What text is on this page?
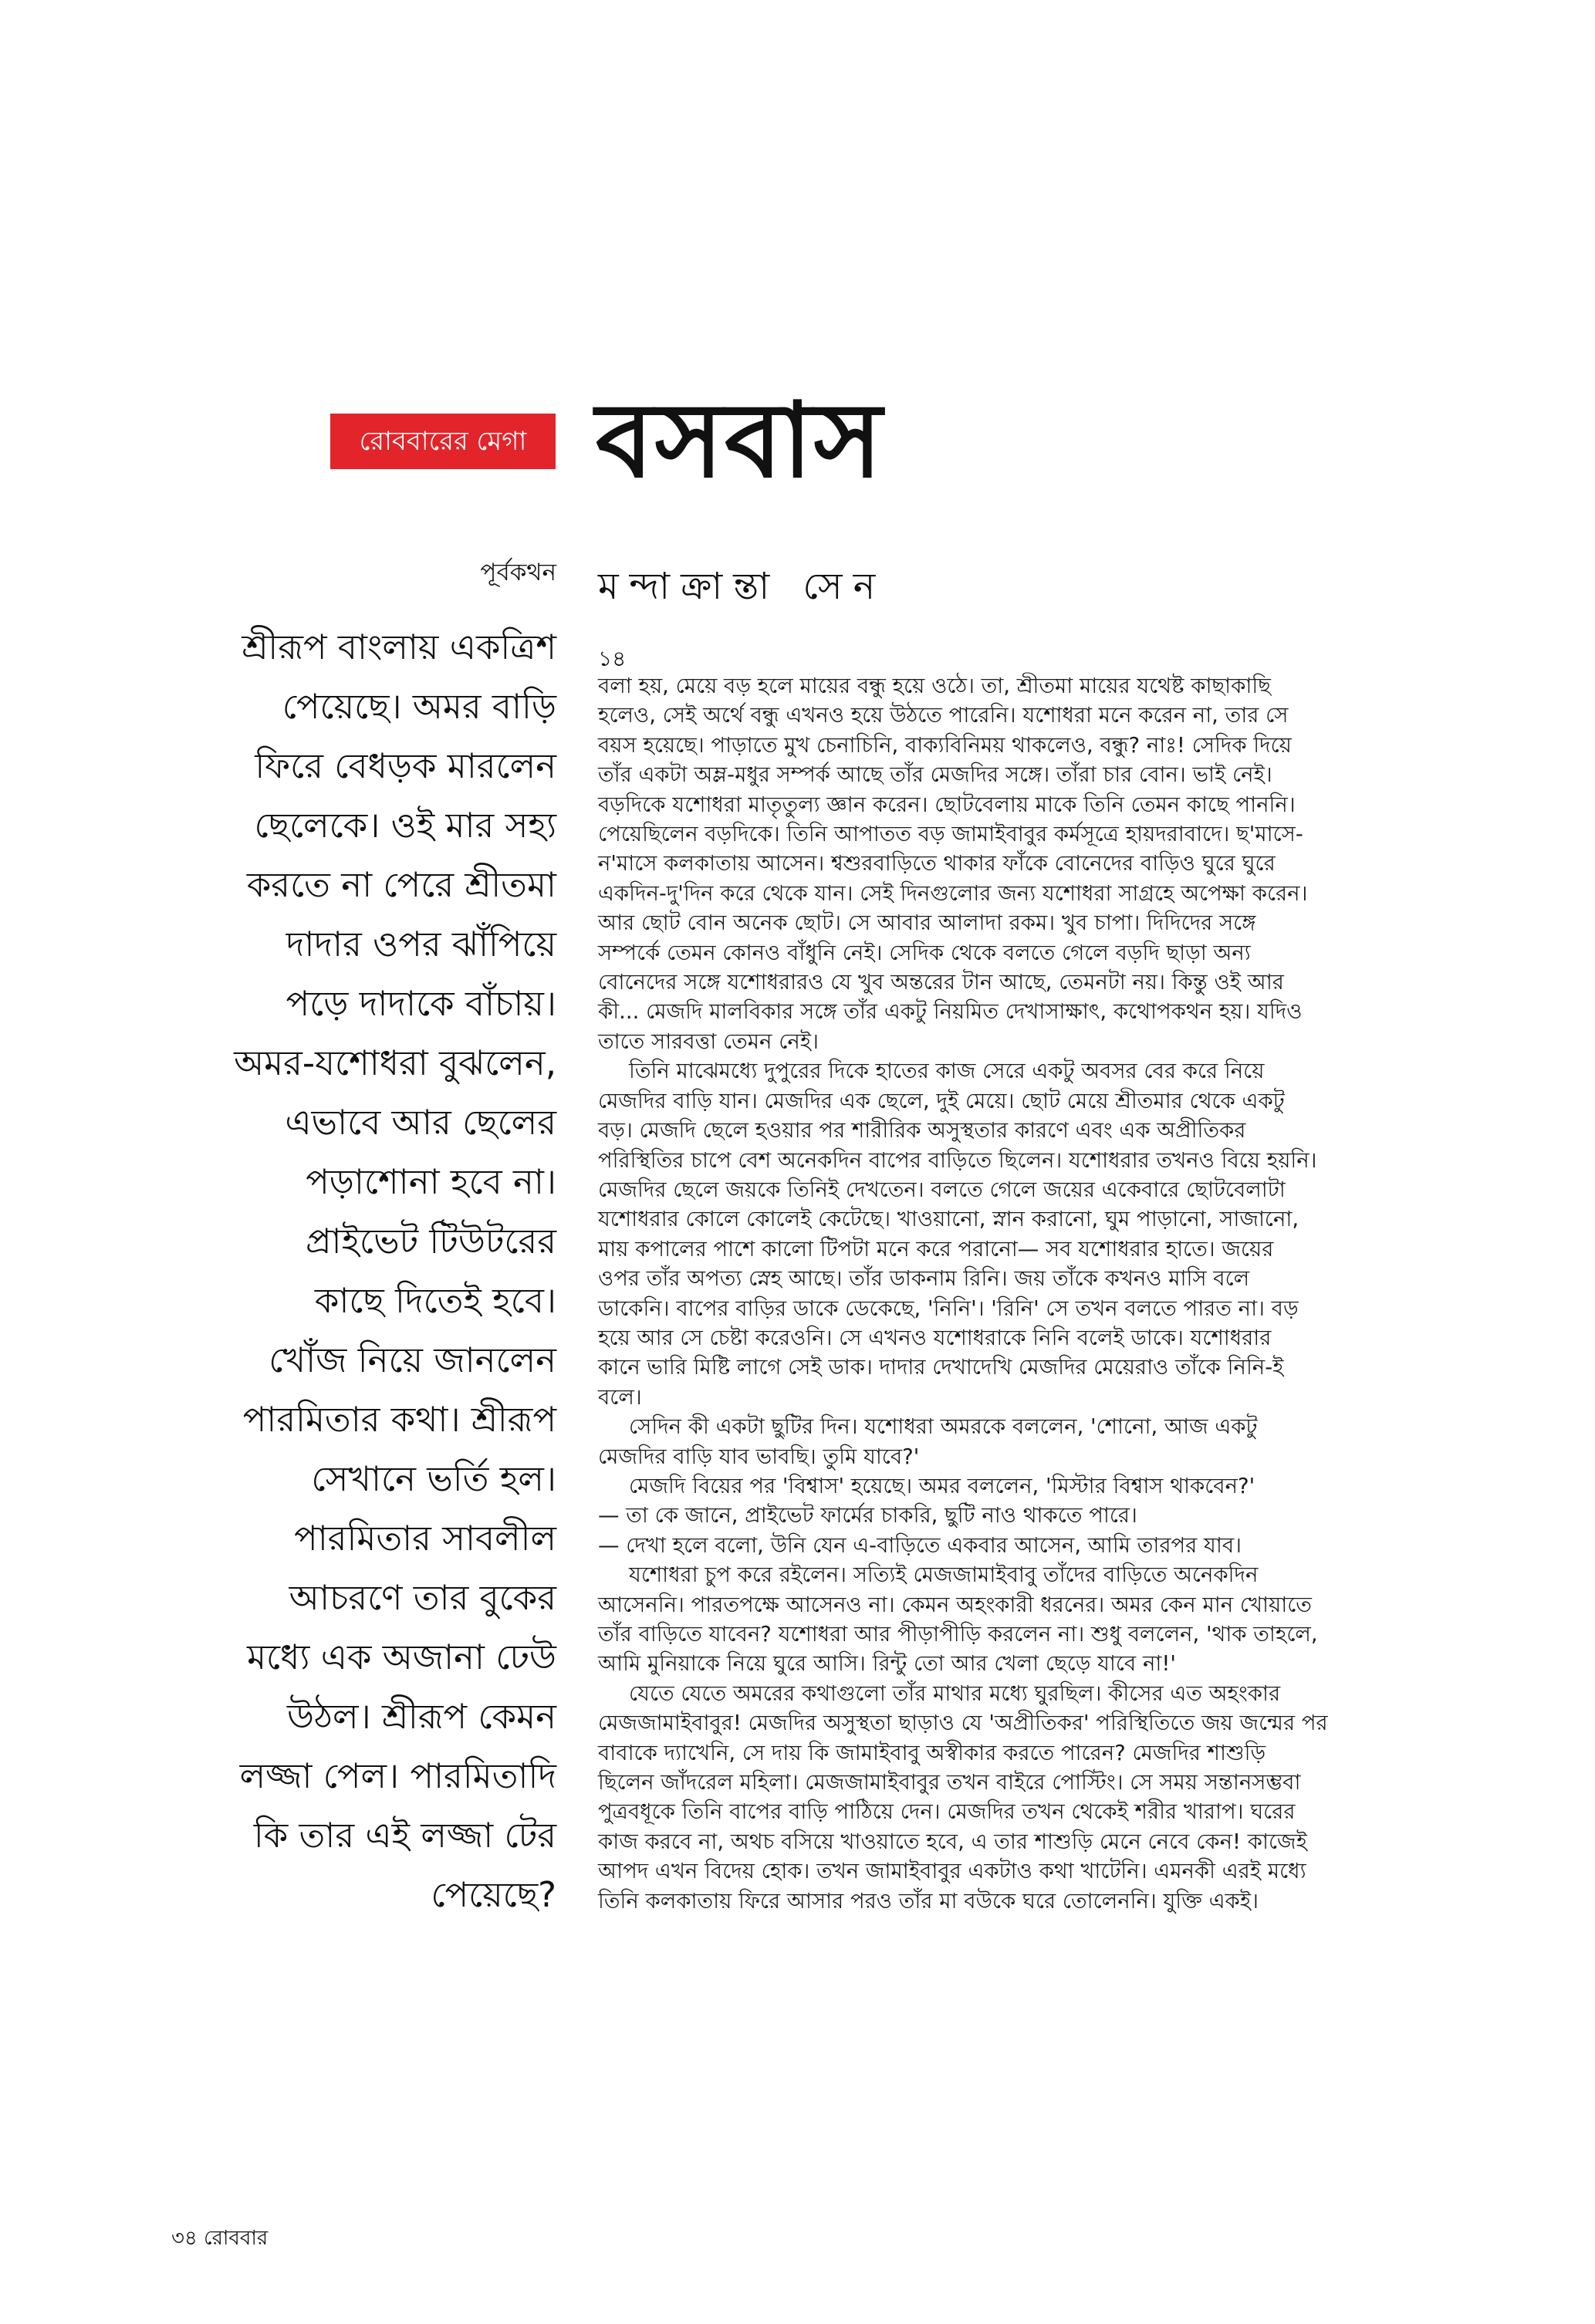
রোববারের মেগা বসবাস
পূর্বকথন মন্দাক্রান্তা সেন
শ্রীরূপ বাংলায় একত্রিশ
পেয়েছে। অমর বাড়ি
ফিরে বেধড়ক মারলেন
ছেলেকে। ওই মার সহ্য
করতে না পেরে শ্রীতমা
দাদার ওপর ঝাঁপিয়ে
পড়ে দাদাকে বাঁচায়।
অমর-যশোধরা বুঝলেন,
এভাবে আর ছেলের
পড়াশোনা হবে না।
প্রাইভেট টিউটরের
কাছে দিতেই হবে।
খোঁজ নিয়ে জানলেন
পারমিতার কথা। শ্রীরূপ
সেখানে ভর্তি হল।
পারমিতার সাবলীল
আচরণে তার বুকের
মধ্যে এক অজানা ঢেউ
উঠল। শ্রীরূপ কেমন
লজ্জা পেল। পারমিতাদি
কি তার এই লজ্জা টের
পেয়েছে?
১৪
বলা হয়, মেয়ে বড় হলে মায়ের বন্ধু হয়ে ওঠে। তা, শ্রীতমা মায়ের যথেষ্ট কাছাকাছি
হলেও, সেই অর্থে বন্ধু এখনও হয়ে উঠতে পারেনি। যশোধরা মনে করেন না, তার সে
বয়স হয়েছে। পাড়াতে মুখ চেনাচিনি, বাক্যবিনিময় থাকলেও, বন্ধু? নাঃ! সেদিক দিয়ে
তাঁর একটা অম্ল-মধুর সম্পর্ক আছে তাঁর মেজদির সঙ্গে। তাঁরা চার বোন। ভাই নেই।
বড়দিকে যশোধরা মাতৃতুল্য জ্ঞান করেন। ছোটবেলায় মাকে তিনি তেমন কাছে পাননি।
পেয়েছিলেন বড়দিকে। তিনি আপাতত বড় জামাইবাবুর কর্মসূত্রে হায়দরাবাদে। ছ'মাসে-
ন'মাসে কলকাতায় আসেন। শ্বশুরবাড়িতে থাকার ফাঁকে বোনেদের বাড়িও ঘুরে ঘুরে
একদিন-দু'দিন করে থেকে যান। সেই দিনগুলোর জন্য যশোধরা সাগ্রহে অপেক্ষা করেন।
আর ছোট বোন অনেক ছোট। সে আবার আলাদা রকম। খুব চাপা। দিদিদের সঙ্গে
সম্পর্কে তেমন কোনও বাঁধুনি নেই। সেদিক থেকে বলতে গেলে বড়দি ছাড়া অন্য
বোনেদের সঙ্গে যশোধরারও যে খুব অন্তরের টান আছে, তেমনটা নয়। কিন্তু ওই আর
কী... মেজদি মালবিকার সঙ্গে তাঁর একটু নিয়মিত দেখাসাক্ষাৎ, কথোপকথন হয়। যদিও
তাতে সারবত্তা তেমন নেই।
তিনি মাঝেমধ্যে দুপুরের দিকে হাতের কাজ সেরে একটু অবসর বের করে নিয়ে
মেজদির বাড়ি যান। মেজদির এক ছেলে, দুই মেয়ে। ছোট মেয়ে শ্রীতমার থেকে একটু
বড়। মেজদি ছেলে হওয়ার পর শারীরিক অসুস্থতার কারণে এবং এক অপ্রীতিকর
পরিস্থিতির চাপে বেশ অনেকদিন বাপের বাড়িতে ছিলেন। যশোধরার তখনও বিয়ে হয়নি।
মেজদির ছেলে জয়কে তিনিই দেখতেন। বলতে গেলে জয়ের একেবারে ছোটবেলাটা
যশোধরার কোলে কোলেই কেটেছে। খাওয়ানো, স্নান করানো, ঘুম পাড়ানো, সাজানো,
মায় কপালের পাশে কালো টিপটা মনে করে পরানো— সব যশোধরার হাতে। জয়ের
ওপর তাঁর অপত্য স্নেহ আছে। তাঁর ডাকনাম রিনি। জয় তাঁকে কখনও মাসি বলে
ডাকেনি। বাপের বাড়ির ডাকে ডেকেছে, 'নিনি'। 'রিনি' সে তখন বলতে পারত না। বড়
হয়ে আর সে চেষ্টা করেওনি। সে এখনও যশোধরাকে নিনি বলেই ডাকে। যশোধরার
কানে ভারি মিষ্টি লাগে সেই ডাক। দাদার দেখাদেখি মেজদির মেয়েরাও তাঁকে নিনি-ই
বলে।
সেদিন কী একটা ছুটির দিন। যশোধরা অমরকে বললেন, 'শোনো, আজ একটু
মেজদির বাড়ি যাব ভাবছি। তুমি যাবে?'
মেজদি বিয়ের পর 'বিশ্বাস' হয়েছে। অমর বললেন, 'মিস্টার বিশ্বাস থাকবেন?'
— তা কে জানে, প্রাইভেট ফার্মের চাকরি, ছুটি নাও থাকতে পারে।
— দেখা হলে বলো, উনি যেন এ-বাড়িতে একবার আসেন, আমি তারপর যাব।
যশোধরা চুপ করে রইলেন। সত্যিই মেজজামাইবাবু তাঁদের বাড়িতে অনেকদিন
আসেননি। পারতপক্ষে আসেনও না। কেমন অহংকারী ধরনের। অমর কেন মান খোয়াতে
তাঁর বাড়িতে যাবেন? যশোধরা আর পীড়াপীড়ি করলেন না। শুধু বললেন, 'থাক তাহলে,
আমি মুনিয়াকে নিয়ে ঘুরে আসি। রিন্টু তো আর খেলা ছেড়ে যাবে না!'
যেতে যেতে অমরের কথাগুলো তাঁর মাথার মধ্যে ঘুরছিল। কীসের এত অহংকার
মেজজামাইবাবুর! মেজদির অসুস্থতা ছাড়াও যে 'অপ্রীতিকর' পরিস্থিতিতে জয় জন্মের পর
বাবাকে দ্যাখেনি, সে দায় কি জামাইবাবু অস্বীকার করতে পারেন? মেজদির শাশুড়ি
ছিলেন জাঁদরেল মহিলা। মেজজামাইবাবুর তখন বাইরে পোস্টিং। সে সময় সন্তানসম্ভবা
পুত্রবধূকে তিনি বাপের বাড়ি পাঠিয়ে দেন। মেজদির তখন থেকেই শরীর খারাপ। ঘরের
কাজ করবে না, অথচ বসিয়ে খাওয়াতে হবে, এ তার শাশুড়ি মেনে নেবে কেন! কাজেই
আপদ এখন বিদেয় হোক। তখন জামাইবাবুর একটাও কথা খাটেনি। এমনকী এরই মধ্যে
তিনি কলকাতায় ফিরে আসার পরও তাঁর মা বউকে ঘরে তোলেননি। যুক্তি একই।
৩৪ রোববার
